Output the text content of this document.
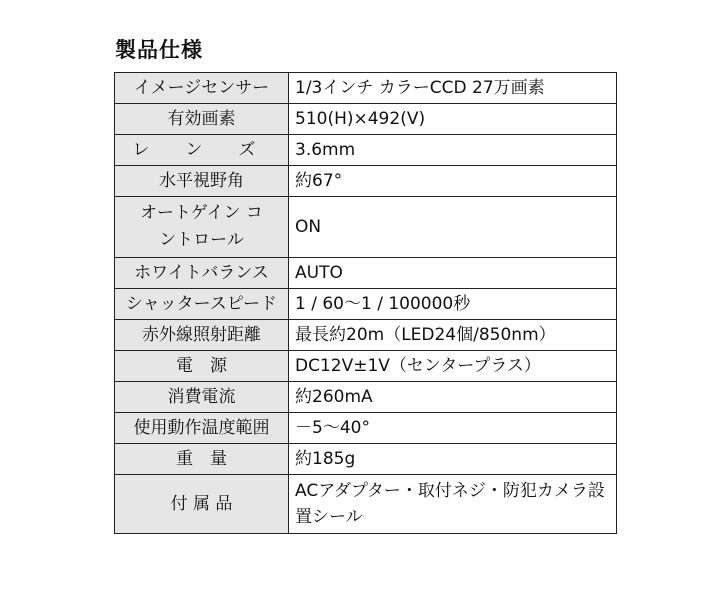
製品仕様
イメージセンサー	1/3インチ カラーCCD 27万画素
有効画素	510(H)×492(V)
レ ン ズ	3.6mm
水平視野角	約67°
オートゲイン コントロール	ON
ホワイトバランス	AUTO
シャッタースピード	1 / 60～1 / 100000秒
赤外線照射距離	最長約20m（LED24個/850nm）
電　源	DC12V±1V（センタープラス）
消費電流	約260mA
使用動作温度範囲	－5～40°
重　量	約185g
付 属 品	ACアダプター・取付ネジ・防犯カメラ設置シール
